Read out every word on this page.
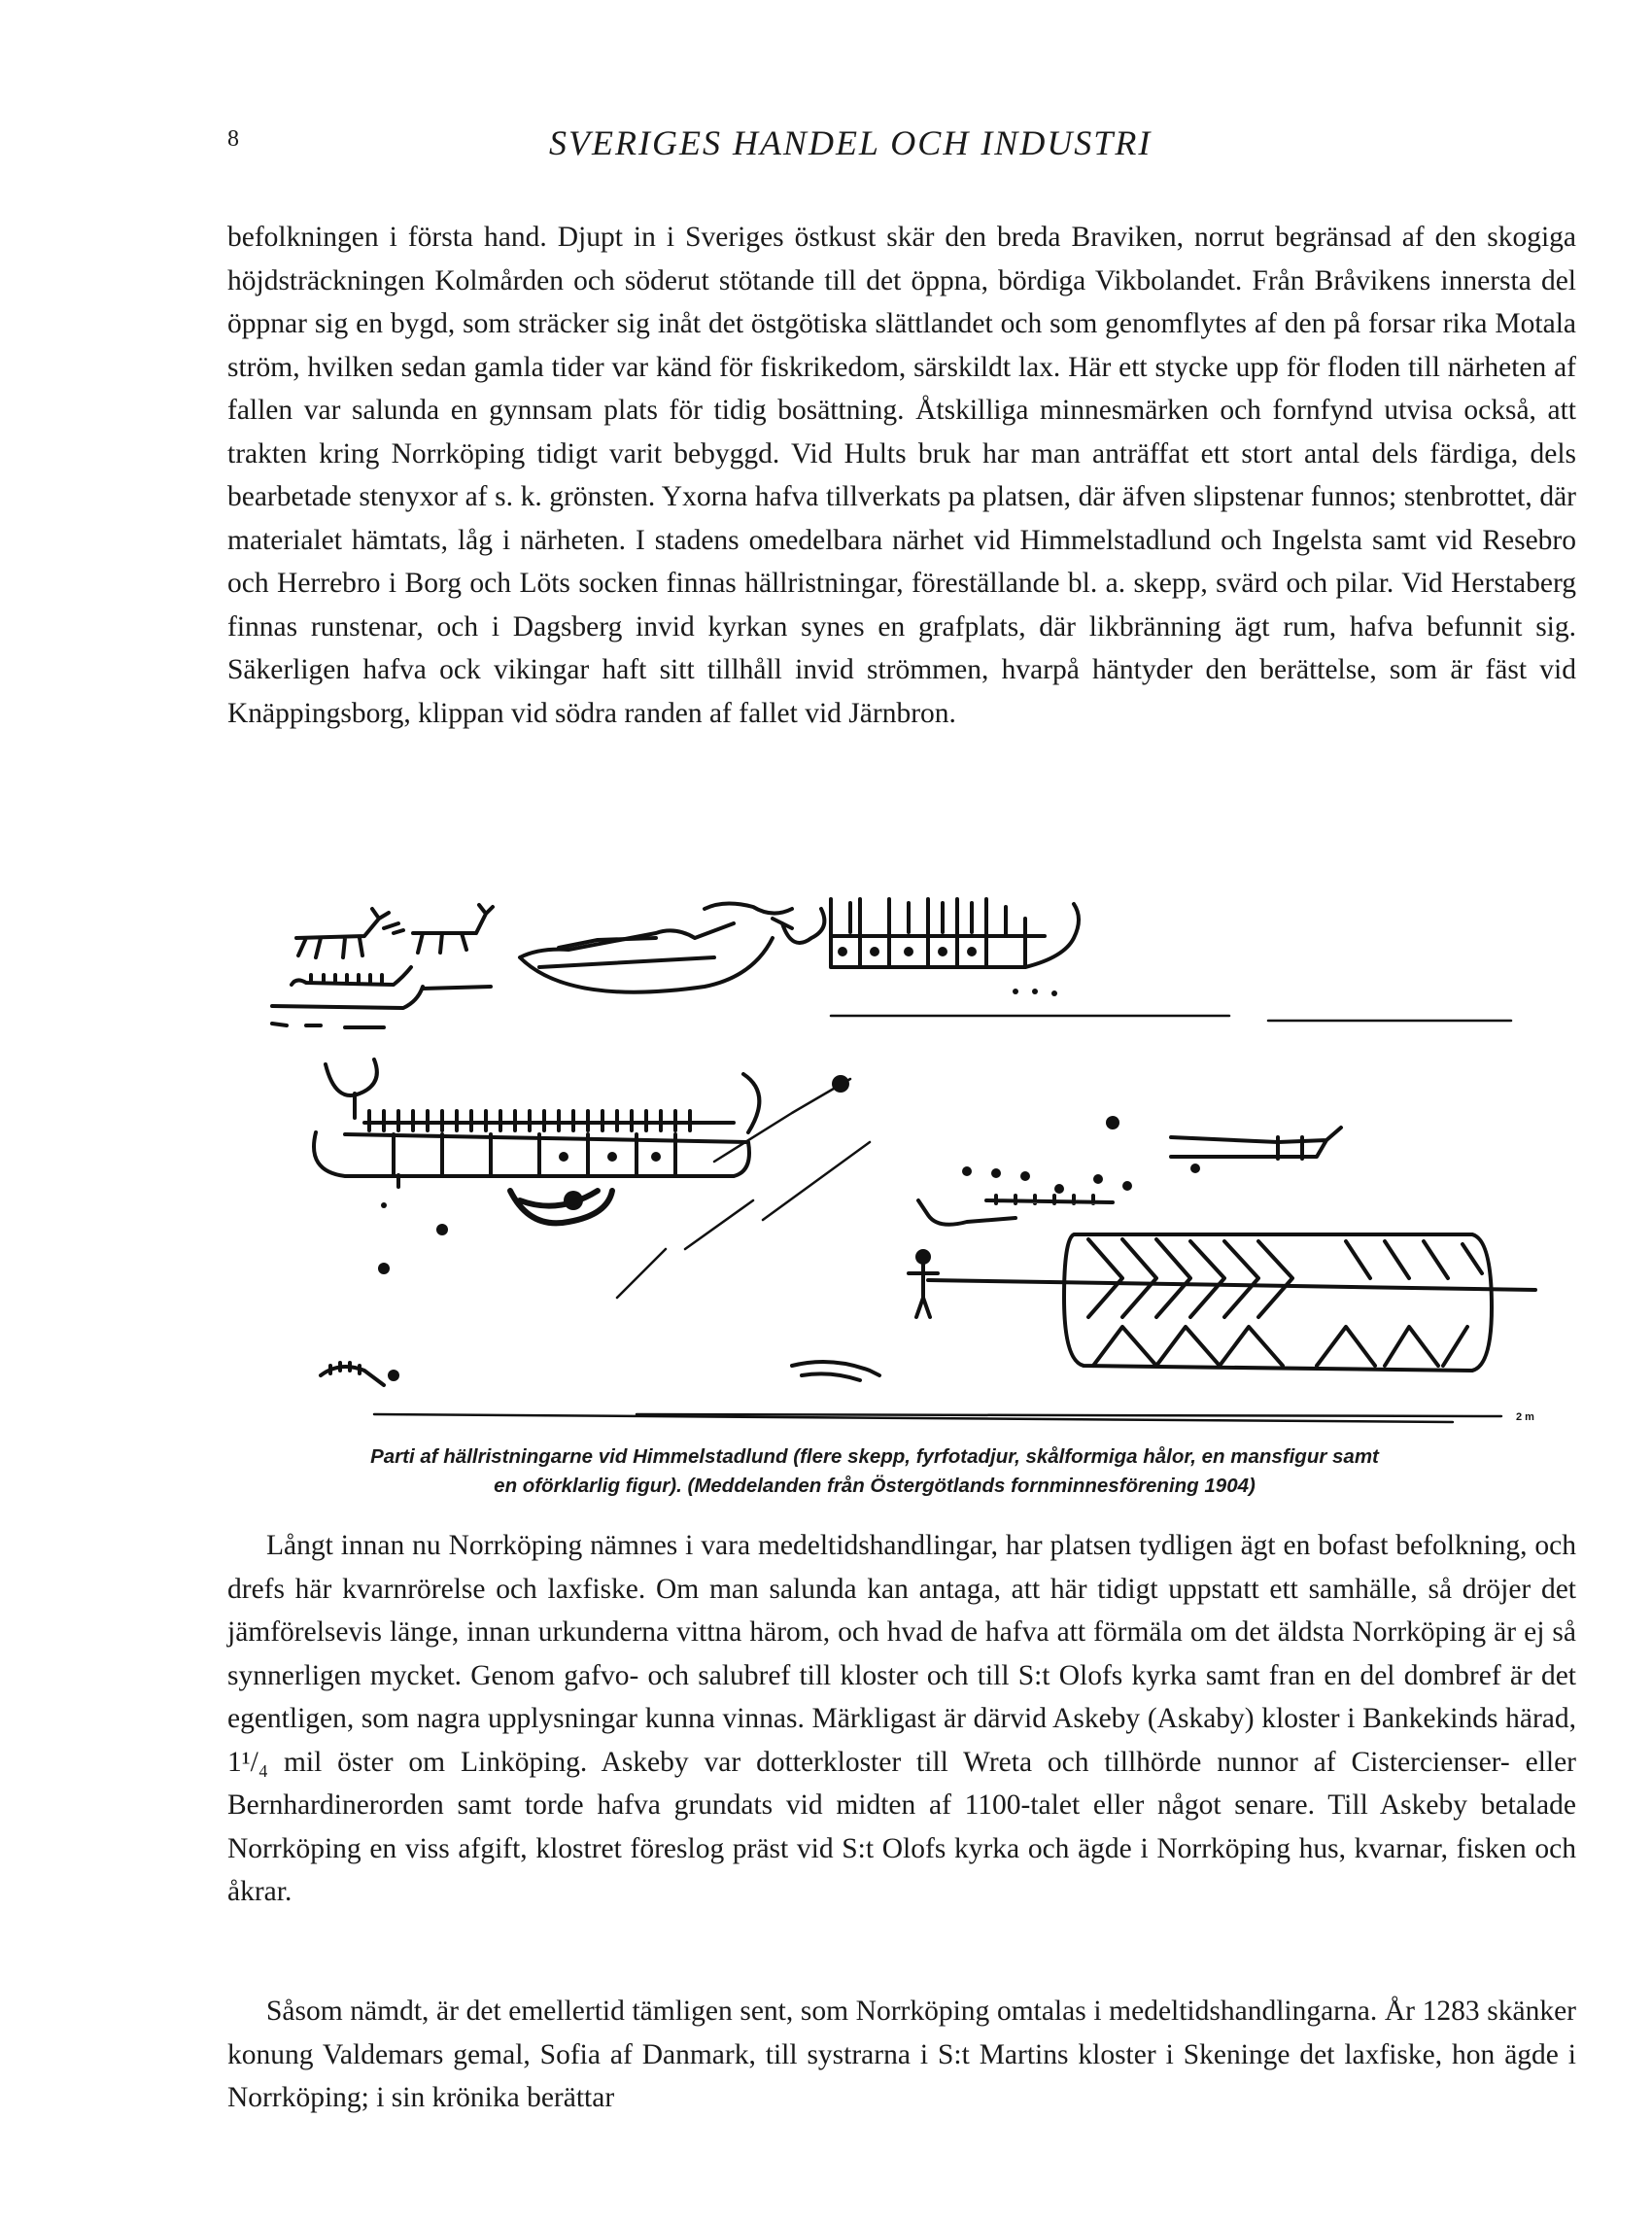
8	SVERIGES HANDEL OCH INDUSTRI

befolkningen i första hand. Djupt in i Sveriges östkust skär den breda Braviken, norrut begränsad af den skogiga höjdsträckningen Kolmården och söderut stötande till det öppna, bördiga Vikbolandet. Från Bråvikens innersta del öppnar sig en bygd, som sträcker sig inåt det östgötiska slättlandet och som genomflytes af den på forsar rika Motala ström, hvilken sedan gamla tider var känd för fiskrikedom, särskildt lax. Här ett stycke upp för floden till närheten af fallen var salunda en gynnsam plats för tidig bosättning. Åtskilliga minnesmärken och fornfynd utvisa också, att trakten kring Norrköping tidigt varit bebyggd. Vid Hults bruk har man anträffat ett stort antal dels färdiga, dels bearbetade stenyxor af s. k. grönsten. Yxorna hafva tillverkats pa platsen, där äfven slipstenar funnos; stenbrottet, där materialet hämtats, låg i närheten. I stadens omedelbara närhet vid Himmelstadlund och Ingelsta samt vid Resebro och Herrebro i Borg och Löts socken finnas hällristningar, föreställande bl. a. skepp, svärd och pilar. Vid Herstaberg finnas runstenar, och i Dagsberg invid kyrkan synes en grafplats, där likbränning ägt rum, hafva befunnit sig. Säkerligen hafva ock vikingar haft sitt tillhåll invid strömmen, hvarpå häntyder den berättelse, som är fäst vid Knäppingsborg, klippan vid södra randen af fallet vid Järnbron.

2 m

Parti af hällristningarne vid Himmelstadlund (flere skepp, fyrfotadjur, skålformiga hålor, en mansfigur samt
en oförklarlig figur). (Meddelanden från Östergötlands fornminnesförening 1904)

Långt innan nu Norrköping nämnes i vara medeltidshandlingar, har platsen tydligen ägt en bofast befolkning, och drefs här kvarnrörelse och laxfiske. Om man salunda kan antaga, att här tidigt uppstatt ett samhälle, så dröjer det jämförelsevis länge, innan urkunderna vittna härom, och hvad de hafva att förmäla om det äldsta Norrköping är ej så synnerligen mycket. Genom gafvo- och salubref till kloster och till S:t Olofs kyrka samt fran en del dombref är det egentligen, som nagra upplysningar kunna vinnas. Märkligast är därvid Askeby (Askaby) kloster i Bankekinds härad, 1¹/₄ mil öster om Linköping. Askeby var dotterkloster till Wreta och tillhörde nunnor af Cistercienser- eller Bernhardinerorden samt torde hafva grundats vid midten af 1100-talet eller något senare. Till Askeby betalade Norrköping en viss afgift, klostret föreslog präst vid S:t Olofs kyrka och ägde i Norrköping hus, kvarnar, fisken och åkrar.

Såsom nämdt, är det emellertid tämligen sent, som Norrköping omtalas i medeltidshandlingarna. År 1283 skänker konung Valdemars gemal, Sofia af Danmark, till systrarna i S:t Martins kloster i Skeninge det laxfiske, hon ägde i Norrköping; i sin krönika berättar
